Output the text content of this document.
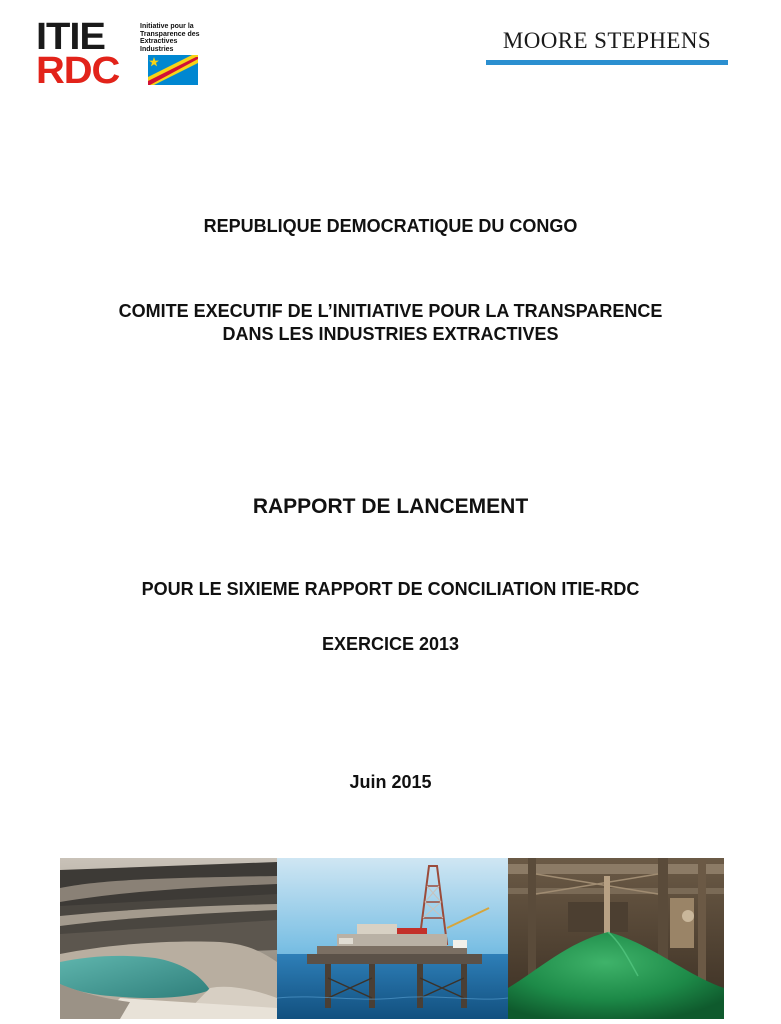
ITIE	Initiative pour la
Transparence des
Extractives
Industries
RDC
MOORE STEPHENS
REPUBLIQUE DEMOCRATIQUE DU CONGO
COMITE EXECUTIF DE L’INITIATIVE POUR LA TRANSPARENCE
DANS LES INDUSTRIES EXTRACTIVES
RAPPORT DE LANCEMENT
POUR LE SIXIEME RAPPORT DE CONCILIATION ITIE-RDC
EXERCICE 2013
Juin 2015
